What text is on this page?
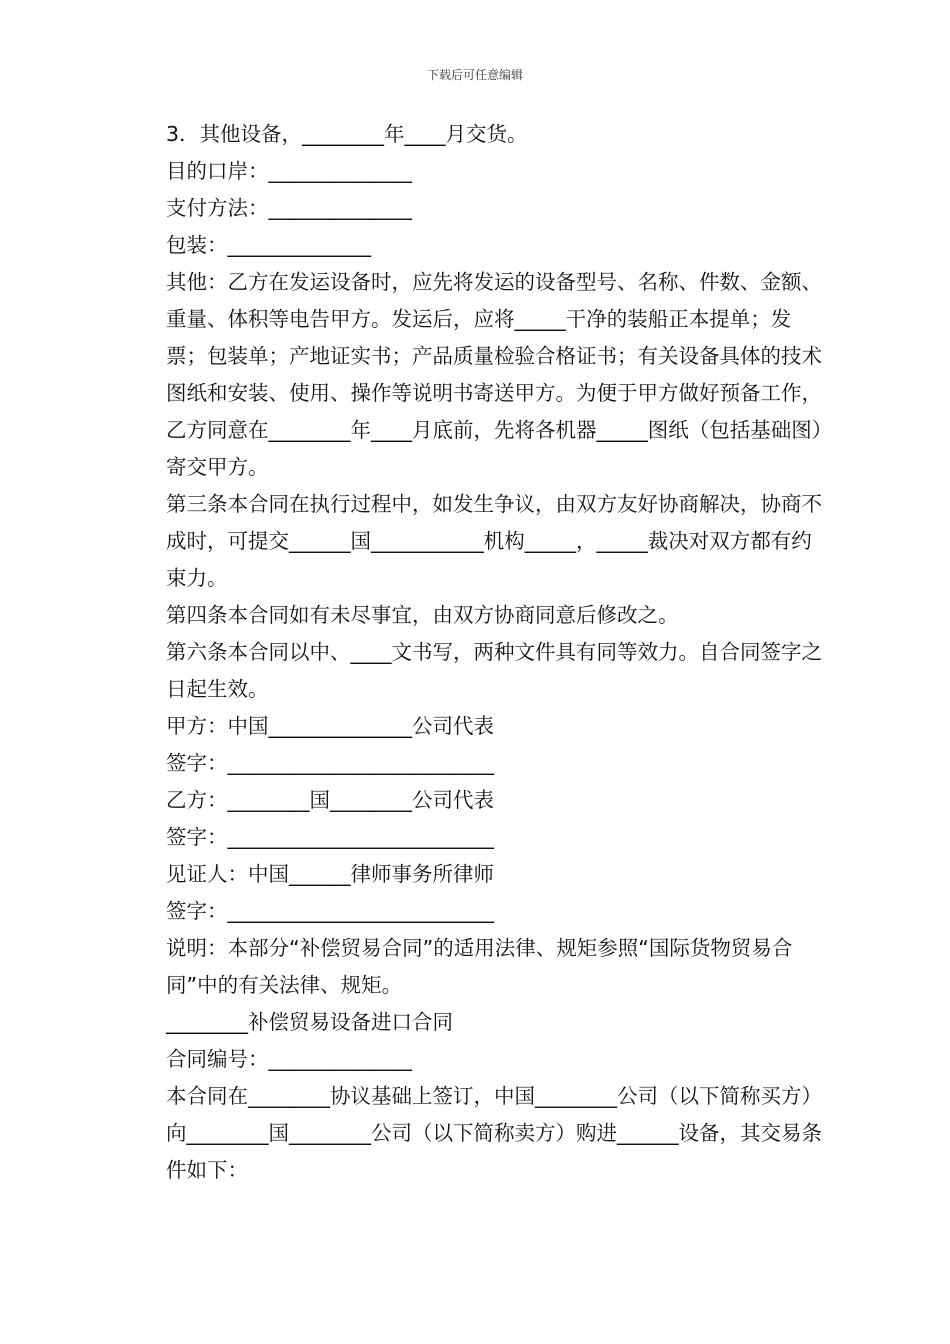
下载后可任意编辑

3．其他设备，________年____月交货。

目的口岸：______________

支付方法：______________

包装：______________

其他：乙方在发运设备时，应先将发运的设备型号、名称、件数、金额、重量、体积等电告甲方。发运后，应将_____干净的装船正本提单；发票；包装单；产地证实书；产品质量检验合格证书；有关设备具体的技术图纸和安装、使用、操作等说明书寄送甲方。为便于甲方做好预备工作，乙方同意在________年____月底前，先将各机器_____图纸（包括基础图）寄交甲方。

第三条本合同在执行过程中，如发生争议，由双方友好协商解决，协商不成时，可提交______国___________机构_____，_____裁决对双方都有约束力。

第四条本合同如有未尽事宜，由双方协商同意后修改之。

第六条本合同以中、____文书写，两种文件具有同等效力。自合同签字之日起生效。

甲方：中国______________公司代表

签字：__________________________

乙方：________国________公司代表

签字：__________________________

见证人：中国______律师事务所律师

签字：__________________________

说明：本部分“补偿贸易合同”的适用法律、规矩参照“国际货物贸易合同”中的有关法律、规矩。

________补偿贸易设备进口合同

合同编号：______________

本合同在________协议基础上签订，中国________公司（以下简称买方）向________国________公司（以下简称卖方）购进______设备，其交易条件如下：
